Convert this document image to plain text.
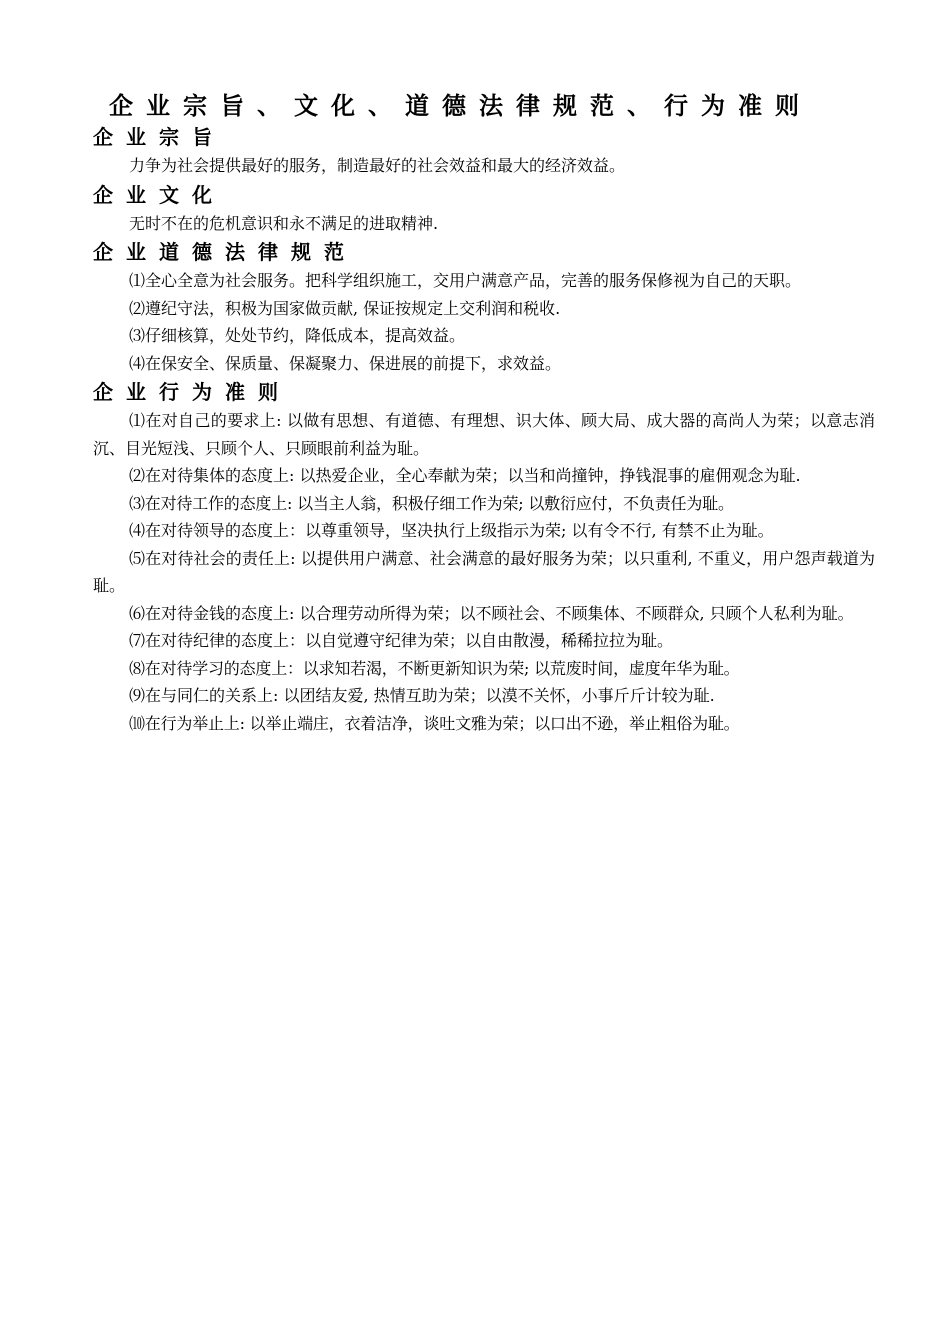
企业宗旨、文化、道德法律规范、行为准则
企业宗旨

力争为社会提供最好的服务，制造最好的社会效益和最大的经济效益。

企业文化

无时不在的危机意识和永不满足的进取精神.

企业道德法律规范

⑴全心全意为社会服务。把科学组织施工，交用户满意产品，完善的服务保修视为自己的天职。

⑵遵纪守法，积极为国家做贡献, 保证按规定上交利润和税收.

⑶仔细核算，处处节约，降低成本，提高效益。

⑷在保安全、保质量、保凝聚力、保进展的前提下，求效益。

企业行为准则

⑴在对自己的要求上: 以做有思想、有道德、有理想、识大体、顾大局、成大器的高尚人为荣；以意志消沉、目光短浅、只顾个人、只顾眼前利益为耻。

⑵在对待集体的态度上: 以热爱企业，全心奉献为荣；以当和尚撞钟，挣钱混事的雇佣观念为耻.

⑶在对待工作的态度上: 以当主人翁，积极仔细工作为荣; 以敷衍应付，不负责任为耻。

⑷在对待领导的态度上：以尊重领导，坚决执行上级指示为荣; 以有令不行, 有禁不止为耻。

⑸在对待社会的责任上: 以提供用户满意、社会满意的最好服务为荣；以只重利, 不重义，用户怨声载道为耻。

⑹在对待金钱的态度上: 以合理劳动所得为荣；以不顾社会、不顾集体、不顾群众, 只顾个人私利为耻。

⑺在对待纪律的态度上：以自觉遵守纪律为荣；以自由散漫，稀稀拉拉为耻。

⑻在对待学习的态度上：以求知若渴，不断更新知识为荣; 以荒废时间，虚度年华为耻。

⑼在与同仁的关系上: 以团结友爱, 热情互助为荣；以漠不关怀，小事斤斤计较为耻.

⑽在行为举止上: 以举止端庄，衣着洁净，谈吐文雅为荣；以口出不逊，举止粗俗为耻。
